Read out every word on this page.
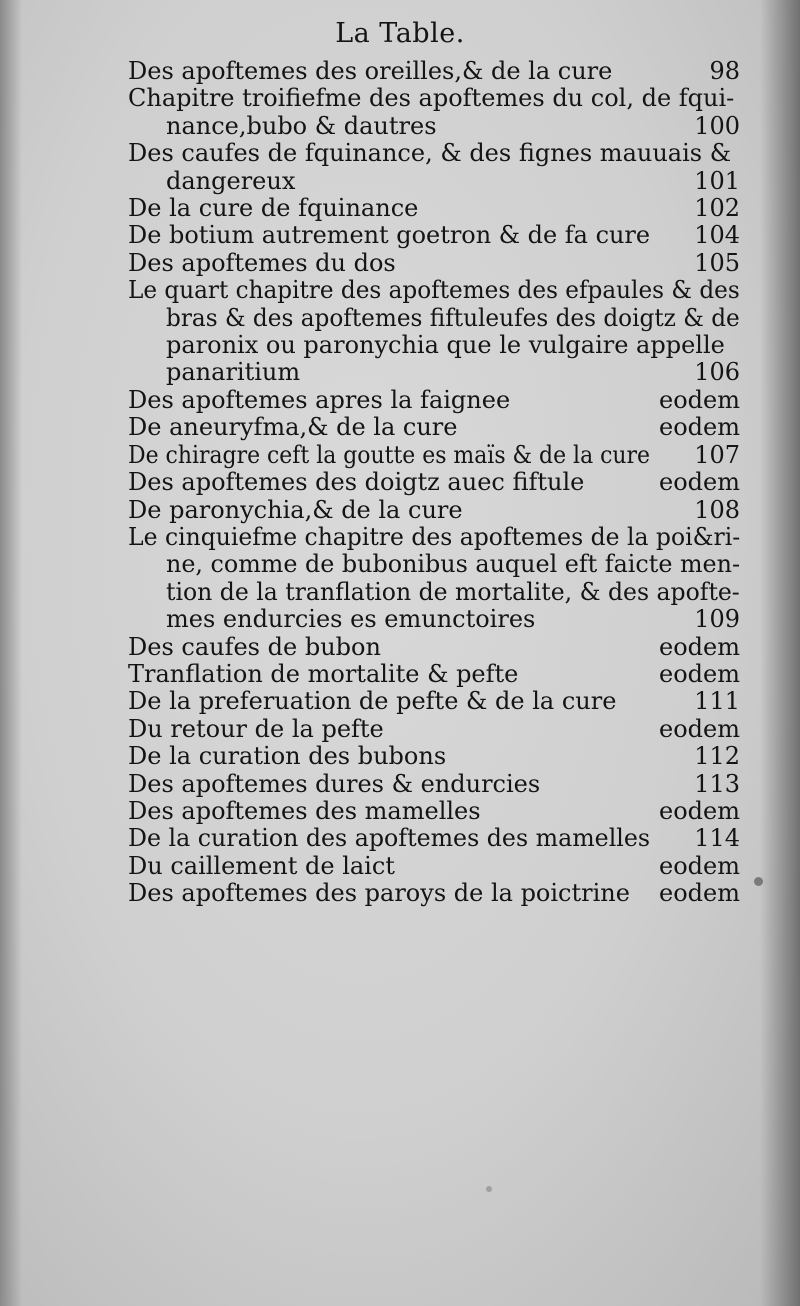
La Table.
Des apoftemes des oreilles,& de la cure	98
Chapitre troifiefme des apoftemes du col, de fqui-
nance,bubo & dautres	100
Des caufes de fquinance, & des fignes mauuais &
dangereux	101
De la cure de fquinance	102
De botium autrement goetron & de fa cure	104
Des apoftemes du dos	105
Le quart chapitre des apoftemes des efpaules & des
bras & des apoftemes fiftuleufes des doigtz & de
paronix ou paronychia que le vulgaire appelle
panaritium	106
Des apoftemes apres la faignee	eodem
De aneuryfma,& de la cure	eodem
De chiragre ceft la goutte es maïs & de la cure	107
Des apoftemes des doigtz auec fiftule	eodem
De paronychia,& de la cure	108
Le cinquiefme chapitre des apoftemes de la poi&ri-
ne, comme de bubonibus auquel eft faicte men-
tion de la tranflation de mortalite, & des apofte-
mes endurcies es emunctoires	109
Des caufes de bubon	eodem
Tranflation de mortalite & pefte	eodem
De la preferuation de pefte & de la cure	111
Du retour de la pefte	eodem
De la curation des bubons	112
Des apoftemes dures & endurcies	113
Des apoftemes des mamelles	eodem
De la curation des apoftemes des mamelles	114
Du caillement de laict	eodem
Des apoftemes des paroys de la poictrine	eodem
